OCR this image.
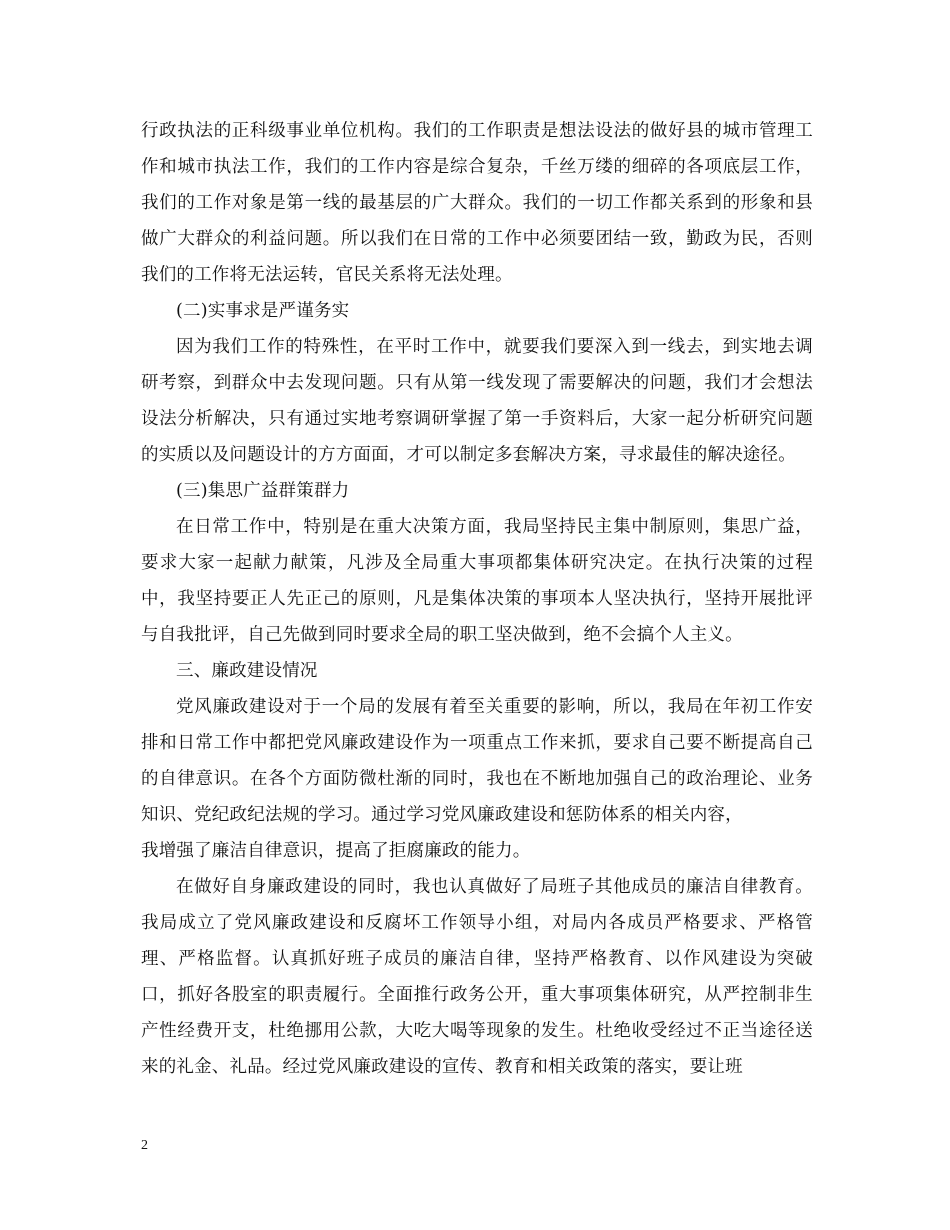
行政执法的正科级事业单位机构。我们的工作职责是想法设法的做好县的城市管理工作和城市执法工作，我们的工作内容是综合复杂，千丝万缕的细碎的各项底层工作，我们的工作对象是第一线的最基层的广大群众。我们的一切工作都关系到的形象和县做广大群众的利益问题。所以我们在日常的工作中必须要团结一致，勤政为民，否则我们的工作将无法运转，官民关系将无法处理。

(二)实事求是严谨务实

因为我们工作的特殊性，在平时工作中，就要我们要深入到一线去，到实地去调研考察，到群众中去发现问题。只有从第一线发现了需要解决的问题，我们才会想法设法分析解决，只有通过实地考察调研掌握了第一手资料后，大家一起分析研究问题的实质以及问题设计的方方面面，才可以制定多套解决方案，寻求最佳的解决途径。

(三)集思广益群策群力

在日常工作中，特别是在重大决策方面，我局坚持民主集中制原则，集思广益，要求大家一起献力献策，凡涉及全局重大事项都集体研究决定。在执行决策的过程中，我坚持要正人先正己的原则，凡是集体决策的事项本人坚决执行，坚持开展批评与自我批评，自己先做到同时要求全局的职工坚决做到，绝不会搞个人主义。

三、廉政建设情况

党风廉政建设对于一个局的发展有着至关重要的影响，所以，我局在年初工作安排和日常工作中都把党风廉政建设作为一项重点工作来抓，要求自己要不断提高自己的自律意识。在各个方面防微杜渐的同时，我也在不断地加强自己的政治理论、业务知识、党纪政纪法规的学习。通过学习党风廉政建设和惩防体系的相关内容，

我增强了廉洁自律意识，提高了拒腐廉政的能力。

在做好自身廉政建设的同时，我也认真做好了局班子其他成员的廉洁自律教育。我局成立了党风廉政建设和反腐坏工作领导小组，对局内各成员严格要求、严格管理、严格监督。认真抓好班子成员的廉洁自律，坚持严格教育、以作风建设为突破口，抓好各股室的职责履行。全面推行政务公开，重大事项集体研究，从严控制非生产性经费开支，杜绝挪用公款，大吃大喝等现象的发生。杜绝收受经过不正当途径送来的礼金、礼品。经过党风廉政建设的宣传、教育和相关政策的落实，要让班

2
